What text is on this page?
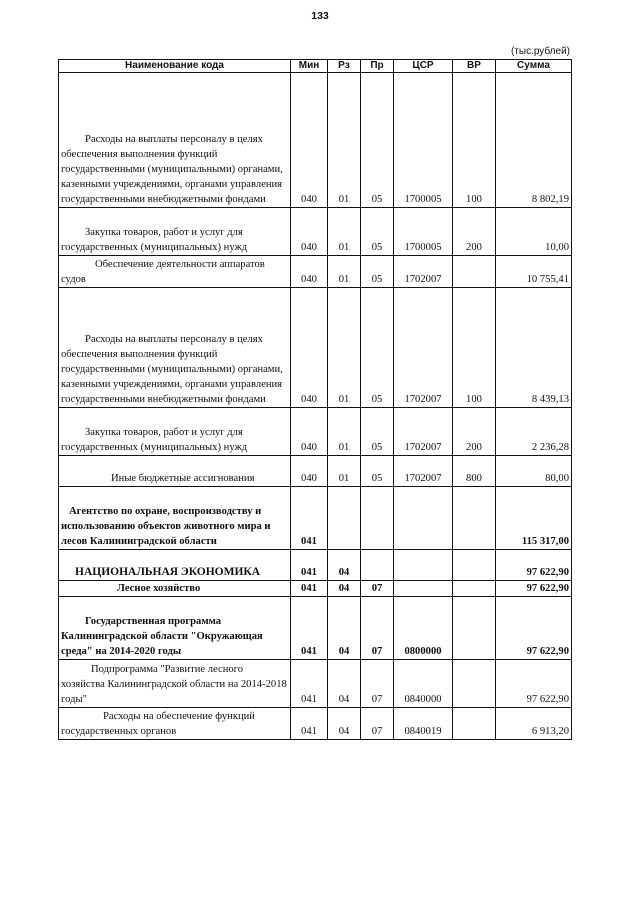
133
(тыс.рублей)
Наименование кода	Мин	Рз	Пр	ЦСР	ВР	Сумма
Расходы на выплаты персоналу в целях обеспечения выполнения функций государственными (муниципальными) органами, казенными учреждениями, органами управления государственными внебюджетными фондами	040	01	05	1700005	100	8 802,19
Закупка товаров, работ и услуг для государственных (муниципальных) нужд	040	01	05	1700005	200	10,00
Обеспечение деятельности аппаратов судов	040	01	05	1702007		10 755,41
Расходы на выплаты персоналу в целях обеспечения выполнения функций государственными (муниципальными) органами, казенными учреждениями, органами управления государственными внебюджетными фондами	040	01	05	1702007	100	8 439,13
Закупка товаров, работ и услуг для государственных (муниципальных) нужд	040	01	05	1702007	200	2 236,28
Иные бюджетные ассигнования	040	01	05	1702007	800	80,00
Агентство по охране, воспроизводству и использованию объектов животного мира и лесов Калининградской области	041					115 317,00
НАЦИОНАЛЬНАЯ ЭКОНОМИКА	041	04				97 622,90
Лесное хозяйство	041	04	07			97 622,90
Государственная программа Калининградской области "Окружающая среда" на 2014-2020 годы	041	04	07	0800000		97 622,90
Подпрограмма "Развитие лесного хозяйства Калининградской области на 2014-2018 годы"	041	04	07	0840000		97 622,90
Расходы на обеспечение функций государственных органов	041	04	07	0840019		6 913,20
